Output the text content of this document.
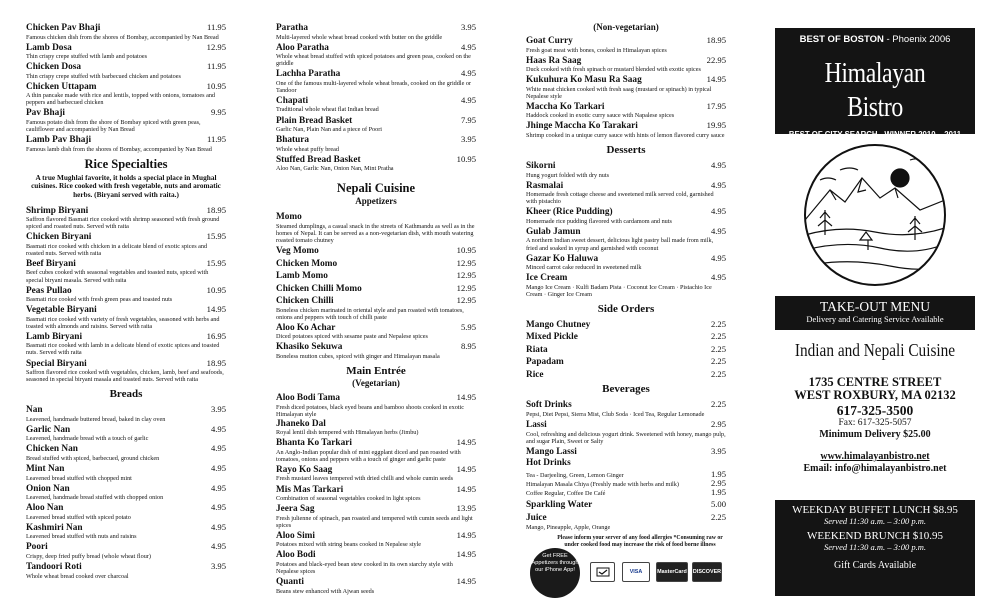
Chicken Pav Bhaji	11.95
Famous chicken dish from the shores of Bombay, accompanied by Nan Bread
Lamb Dosa	12.95
Thin crispy crepe stuffed with lamb and potatoes
Chicken Dosa	11.95
Thin crispy crepe stuffed with barbecued chicken and potatoes
Chicken Uttapam	10.95
A thin pancake made with rice and lentils, topped with onions, tomatoes and peppers and barbecued chicken
Pav Bhaji	9.95
Famous potato dish from the shore of Bombay spiced with green peas, cauliflower and accompanied by Nan Bread
Lamb Pav Bhaji	11.95
Famous lamb dish from the shores of Bombay, accompanied by Nan Bread
Rice Specialties
A true Mughlai favorite, it holds a special place in Mughal cuisines. Rice cooked with fresh vegetable, nuts and aromatic herbs. (Biryani served with raita.)
Shrimp Biryani	18.95
Saffron flavored Basmati rice cooked with shrimp seasoned with fresh ground spiced and roasted nuts. Served with raita
Chicken Biryani	15.95
Basmati rice cooked with chicken in a delicate blend of exotic spices and roasted nuts. Served with raita
Beef Biryani	15.95
Beef cubes cooked with seasonal vegetables and toasted nuts, spiced with special biryani masala. Served with raita
Peas Pullao	10.95
Basmati rice cooked with fresh green peas and toasted nuts
Vegetable Biryani	14.95
Basmati rice cooked with variety of fresh vegetables, seasoned with herbs and toasted with almonds and raisins. Served with raita
Lamb Biryani	16.95
Basmati rice cooked with lamb in a delicate blend of exotic spices and toasted nuts. Served with raita
Special Biryani	18.95
Saffron flavored rice cooked with vegetables, chicken, lamb, beef and seafoods, seasoned in special biryani masala and toasted nuts. Served with raita
Breads
Nan	3.95
Leavened, handmade buttered bread, baked in clay oven
Garlic Nan	4.95
Leavened, handmade bread with a touch of garlic
Chicken Nan	4.95
Bread stuffed with spiced, barbecued, ground chicken
Mint Nan	4.95
Leavened bread stuffed with chopped mint
Onion Nan	4.95
Leavened, handmade bread stuffed with chopped onion
Aloo Nan	4.95
Leavened bread stuffed with spiced potato
Kashmiri Nan	4.95
Leavened bread stuffed with nuts and raisins
Poori	4.95
Crispy, deep fried puffy bread (whole wheat flour)
Tandoori Roti	3.95
Whole wheat bread cooked over charcoal
Paratha	3.95
Multi-layered whole wheat bread cooked with butter on the griddle
Aloo Paratha	4.95
Whole wheat bread stuffed with spiced potatoes and green peas, cooked on the griddle
Lachha Paratha	4.95
One of the famous multi-layered whole wheat breads, cooked on the griddle or Tandoor
Chapati	4.95
Traditional whole wheat flat Indian bread
Plain Bread Basket	7.95
Garlic Nan, Plain Nan and a piece of Poori
Bhatura	3.95
Whole wheat puffy bread
Stuffed Bread Basket	10.95
Aloo Nan, Garlic Nan, Onion Nan, Mint Pratha
Nepali Cuisine
Appetizers
Momo
Steamed dumplings, a casual snack in the streets of Kathmandu as well as in the homes of Nepal. It can be served as a non-vegetarian dish, with mouth watering roasted tomato chutney
Veg Momo	10.95
Chicken Momo	12.95
Lamb Momo	12.95
Chicken Chilli Momo	12.95
Chicken Chilli	12.95
Boneless chicken marinated in oriental style and pan roasted with tomatoes, onions and peppers with touch of chilli paste
Aloo Ko Achar	5.95
Diced potatoes spiced with sesame paste and Nepalese spices
Khasiko Sekuwa	8.95
Boneless mutton cubes, spiced with ginger and Himalayan masala
Main Entrée
(Vegetarian)
Aloo Bodi Tama	14.95
Fresh diced potatoes, black eyed beans and bamboo shoots cooked in exotic Himalayan style
Jhaneko Dal
Royal lentil dish tempered with Himalayan herbs (Jimbu)
Bhanta Ko Tarkari	14.95
An Anglo-Indian popular dish of mini eggplant diced and pan roasted with tomatoes, onions and peppers with a touch of ginger and garlic paste
Rayo Ko Saag	14.95
Fresh mustard leaves tempered with dried chilli and whole cumin seeds
Mis Mas Tarkari	14.95
Combination of seasonal vegetables cooked in light spices
Jeera Sag	13.95
Fresh julienne of spinach, pan roasted and tempered with cumin seeds and light spices
Aloo Simi	14.95
Potatoes mixed with string beans cooked in Nepalese style
Aloo Bodi	14.95
Potatoes and black-eyed bean stew cooked in its own starchy style with Nepalese spices
Quanti	14.95
Beans stew enhanced with Ajwan seeds
(Non-vegetarian)
Goat Curry	18.95
Fresh goat meat with bones, cooked in Himalayan spices
Haas Ra Saag	22.95
Duck cooked with fresh spinach or mustard blended with exotic spices
Kukuhura Ko Masu Ra Saag	14.95
White meat chicken cooked with fresh saag (mustard or spinach) in typical Nepalese style
Maccha Ko Tarkari	17.95
Haddock cooked in exotic curry sauce with Napalese spices
Jhinge Maccha Ko Tarakari	19.95
Shrimp cooked in a unique curry sauce with hints of lemon flavored curry sauce
Desserts
Sikorni	4.95
Hung yogurt folded with dry nuts
Rasmalai	4.95
Homemade fresh cottage cheese and sweetened milk served cold, garnished with pistachio
Kheer (Rice Pudding)	4.95
Homemade rice pudding flavored with cardamom and nuts
Gulab Jamun	4.95
A northern Indian sweet dessert, delicious light pastry ball made from milk, fried and soaked in syrup and garnished with coconut
Gazar Ko Haluwa	4.95
Minced carrot cake reduced in sweetened milk
Ice Cream	4.95
Mango Ice Cream · Kulfi Badam Pista · Coconut Ice Cream · Pistachio Ice Cream · Ginger Ice Cream
Side Orders
Mango Chutney	2.25
Mixed Pickle	2.25
Riata	2.25
Papadam	2.25
Rice	2.25
Beverages
Soft Drinks	2.25
Pepsi, Diet Pepsi, Sierra Mist, Club Soda · Iced Tea, Regular Lemonade
Lassi	2.95
Cool, refreshing and delicious yogurt drink. Sweetened with honey, mango pulp, and sugar Plain, Sweet or Salty
Mango Lassi	3.95
Hot Drinks
Tea - Darjeeling, Green, Lemon Ginger	1.95
Himalayan Masala Chiya (Freshly made with herbs and milk)	2.95
Coffee Regular, Coffee De Café	1.95
Sparkling Water	5.00
Juice	2.25
Mango, Pineapple, Apple, Orange
Please inform your server of any food allergies *Consuming raw or under cooked food may increase the risk of food borne illness
Get FREE Appetizers through our iPhone App!	VISA	MasterCard DISCOVER
BEST OF BOSTON - Phoenix 2006
Himalayan Bistro
BEST OF CITY SEARCH - WINNER 2010 – 2011
TAKE-OUT MENU
Delivery and Catering Service Available
Indian and Nepali Cuisine
1735 CENTRE STREET
WEST ROXBURY, MA 02132
617-325-3500
Fax: 617-325-5057
Minimum Delivery $25.00
www.himalayanbistro.net
Email: info@himalayanbistro.net
WEEKDAY BUFFET LUNCH $8.95
Served 11:30 a.m. – 3:00 p.m.
WEEKEND BRUNCH $10.95
Served 11:30 a.m. – 3:00 p.m.
Gift Cards Available
